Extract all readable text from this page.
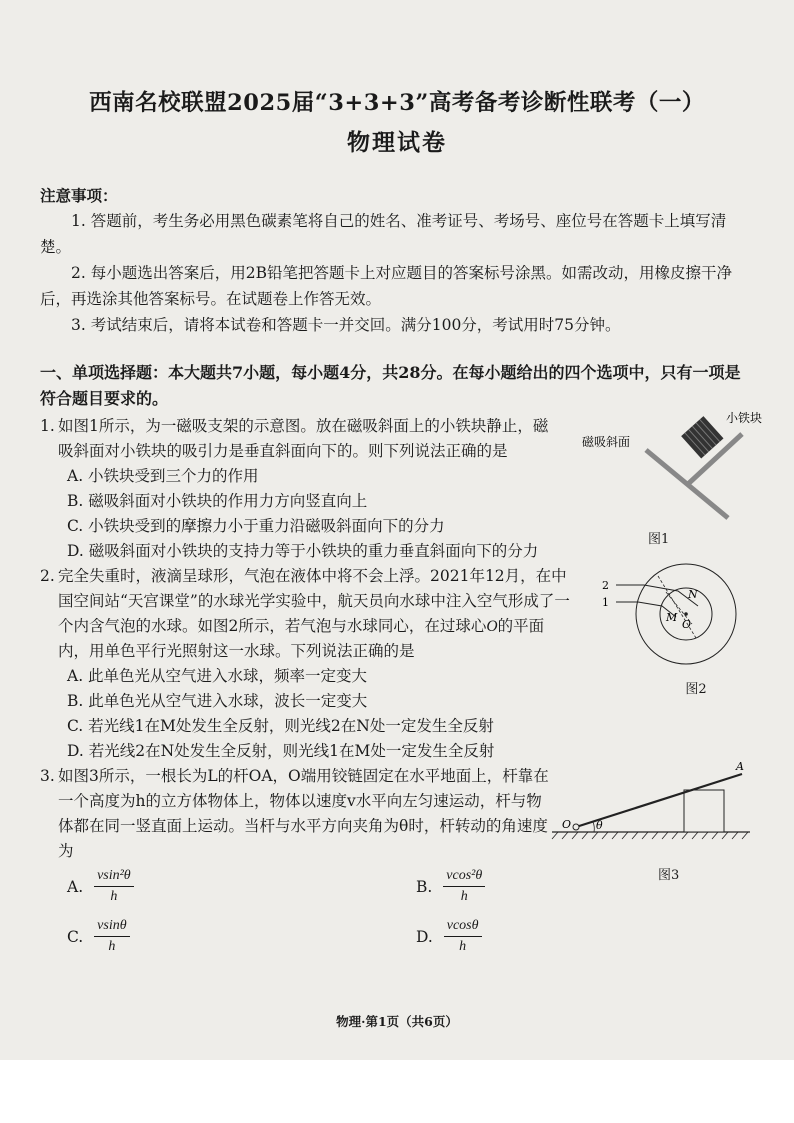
西南名校联盟2025届“3+3+3”高考备考诊断性联考（一）
物理试卷
注意事项：
1. 答题前，考生务必用黑色碳素笔将自己的姓名、准考证号、考场号、座位号在答题卡上填写清楚。
2. 每小题选出答案后，用2B铅笔把答题卡上对应题目的答案标号涂黑。如需改动，用橡皮擦干净后，再选涂其他答案标号。在试题卷上作答无效。
3. 考试结束后，请将本试卷和答题卡一并交回。满分100分，考试用时75分钟。
一、单项选择题：本大题共7小题，每小题4分，共28分。在每小题给出的四个选项中，只有一项是符合题目要求的。
1. 如图1所示，为一磁吸支架的示意图。放在磁吸斜面上的小铁块静止，磁吸斜面对小铁块的吸引力是垂直斜面向下的。则下列说法正确的是
A. 小铁块受到三个力的作用
B. 磁吸斜面对小铁块的作用力方向竖直向上
C. 小铁块受到的摩擦力小于重力沿磁吸斜面向下的分力
D. 磁吸斜面对小铁块的支持力等于小铁块的重力垂直斜面向下的分力
小铁块
磁吸斜面
图1
2. 完全失重时，液滴呈球形，气泡在液体中将不会上浮。2021年12月，在中国空间站“天宫课堂”的水球光学实验中，航天员向水球中注入空气形成了一个内含气泡的水球。如图2所示，若气泡与水球同心，在过球心O的平面内，用单色平行光照射这一水球。下列说法正确的是
A. 此单色光从空气进入水球，频率一定变大
B. 此单色光从空气进入水球，波长一定变大
C. 若光线1在M处发生全反射，则光线2在N处一定发生全反射
D. 若光线2在N处发生全反射，则光线1在M处一定发生全反射
2
1
N
M
O
图2
3. 如图3所示，一根长为L的杆OA，O端用铰链固定在水平地面上，杆靠在一个高度为h的立方体物体上，物体以速度v水平向左匀速运动，杆与物体都在同一竖直面上运动。当杆与水平方向夹角为θ时，杆转动的角速度为
A. $\frac{\text{vsin²θ}}{h}$	B. $\frac{\text{vcos²θ}}{h}$
C. $\frac{vsin\theta}{h}$	D. $\frac{vcos\theta}{h}$
O
A
θ
图3
物理·第1页（共6页）
